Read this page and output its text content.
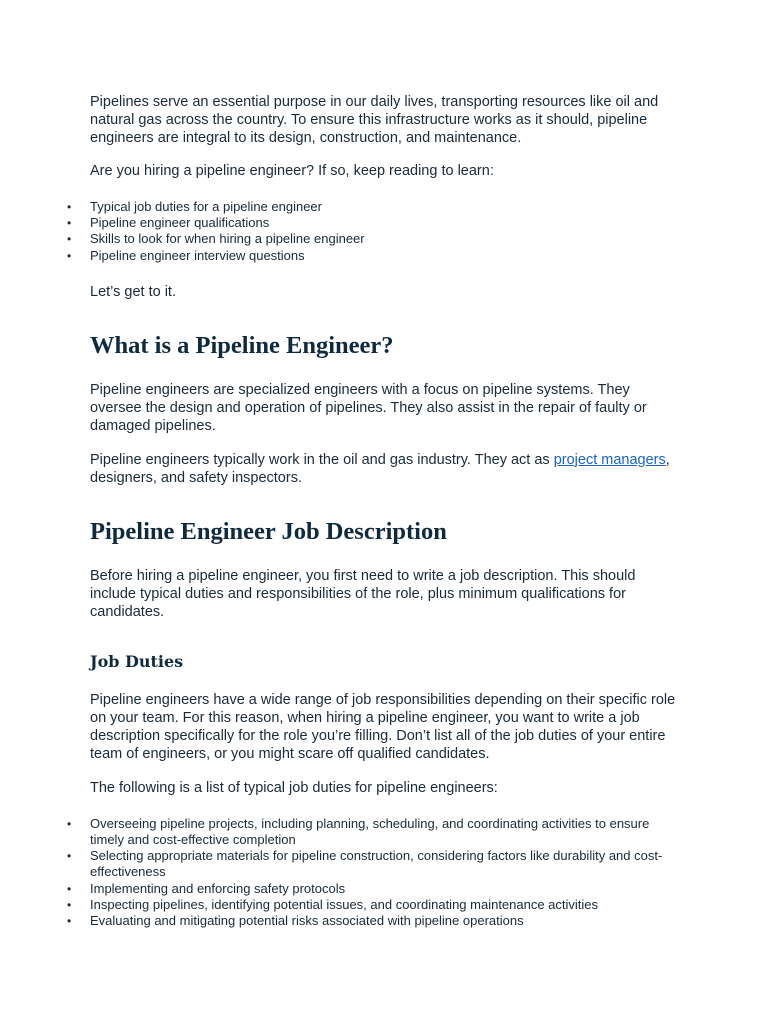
Pipelines serve an essential purpose in our daily lives, transporting resources like oil and natural gas across the country. To ensure this infrastructure works as it should, pipeline engineers are integral to its design, construction, and maintenance.

Are you hiring a pipeline engineer? If so, keep reading to learn:

• Typical job duties for a pipeline engineer
• Pipeline engineer qualifications
• Skills to look for when hiring a pipeline engineer
• Pipeline engineer interview questions

Let’s get to it.

What is a Pipeline Engineer?

Pipeline engineers are specialized engineers with a focus on pipeline systems. They oversee the design and operation of pipelines. They also assist in the repair of faulty or damaged pipelines.

Pipeline engineers typically work in the oil and gas industry. They act as project managers, designers, and safety inspectors.

Pipeline Engineer Job Description

Before hiring a pipeline engineer, you first need to write a job description. This should include typical duties and responsibilities of the role, plus minimum qualifications for candidates.

Job Duties

Pipeline engineers have a wide range of job responsibilities depending on their specific role on your team. For this reason, when hiring a pipeline engineer, you want to write a job description specifically for the role you’re filling. Don’t list all of the job duties of your entire team of engineers, or you might scare off qualified candidates.

The following is a list of typical job duties for pipeline engineers:

• Overseeing pipeline projects, including planning, scheduling, and coordinating activities to ensure timely and cost-effective completion
• Selecting appropriate materials for pipeline construction, considering factors like durability and cost-effectiveness
• Implementing and enforcing safety protocols
• Inspecting pipelines, identifying potential issues, and coordinating maintenance activities
• Evaluating and mitigating potential risks associated with pipeline operations
